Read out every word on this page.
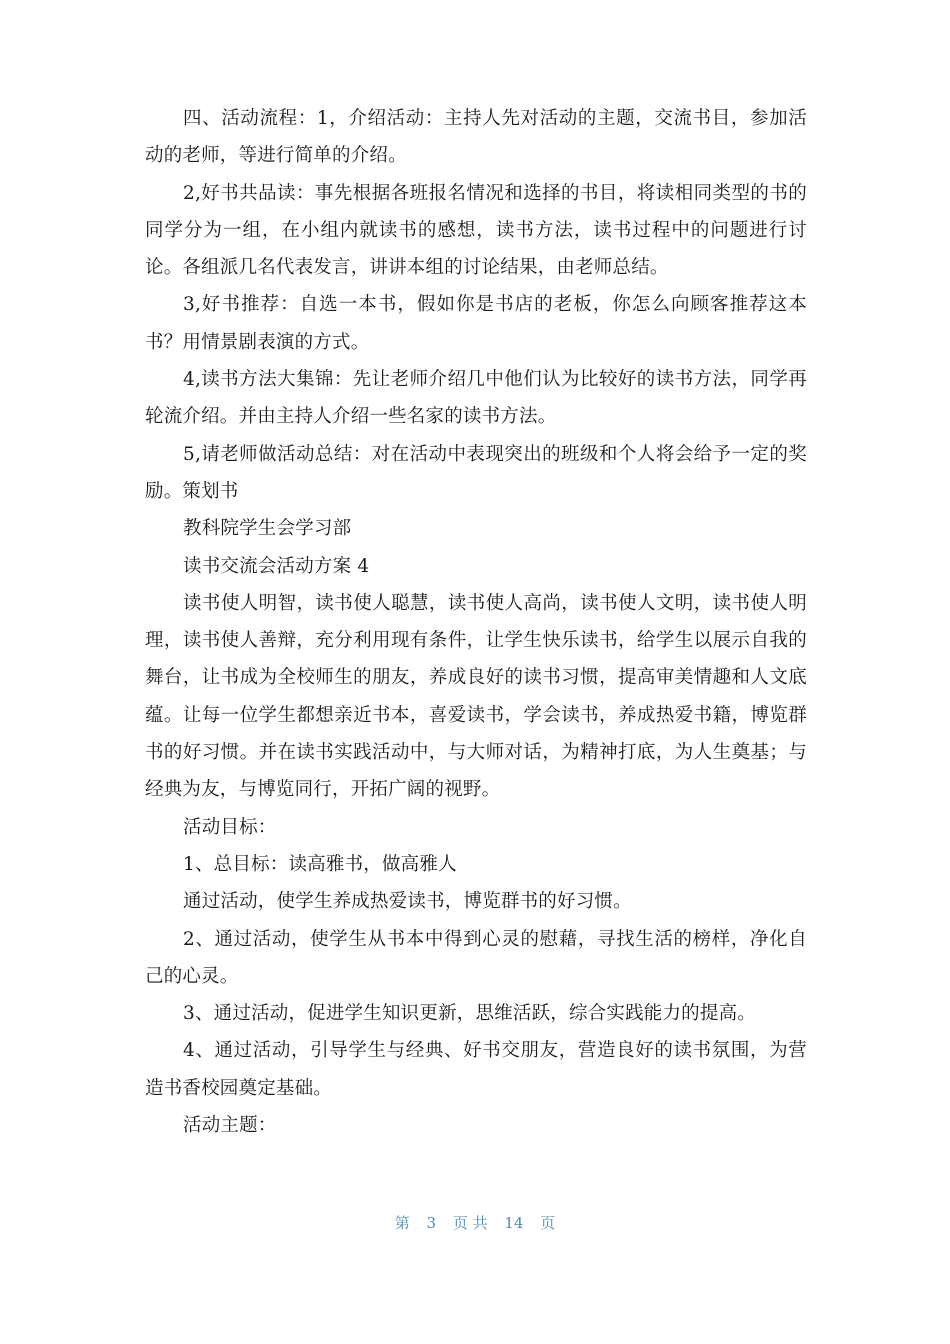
四、活动流程：1，介绍活动：主持人先对活动的主题，交流书目，参加活动的老师，等进行简单的介绍。

2,好书共品读：事先根据各班报名情况和选择的书目，将读相同类型的书的同学分为一组，在小组内就读书的感想，读书方法，读书过程中的问题进行讨论。各组派几名代表发言，讲讲本组的讨论结果，由老师总结。

3,好书推荐：自选一本书，假如你是书店的老板，你怎么向顾客推荐这本书？用情景剧表演的方式。

4,读书方法大集锦：先让老师介绍几中他们认为比较好的读书方法，同学再轮流介绍。并由主持人介绍一些名家的读书方法。

5,请老师做活动总结：对在活动中表现突出的班级和个人将会给予一定的奖励。策划书

教科院学生会学习部

读书交流会活动方案 4

读书使人明智，读书使人聪慧，读书使人高尚，读书使人文明，读书使人明理，读书使人善辩，充分利用现有条件，让学生快乐读书，给学生以展示自我的舞台，让书成为全校师生的朋友，养成良好的读书习惯，提高审美情趣和人文底蕴。让每一位学生都想亲近书本，喜爱读书，学会读书，养成热爱书籍，博览群书的好习惯。并在读书实践活动中，与大师对话，为精神打底，为人生奠基；与经典为友，与博览同行，开拓广阔的视野。

活动目标：

1、总目标：读高雅书，做高雅人

通过活动，使学生养成热爱读书，博览群书的好习惯。

2、通过活动，使学生从书本中得到心灵的慰藉，寻找生活的榜样，净化自己的心灵。

3、通过活动，促进学生知识更新，思维活跃，综合实践能力的提高。

4、通过活动，引导学生与经典、好书交朋友，营造良好的读书氛围，为营造书香校园奠定基础。

活动主题：

第 3 页 共 14 页
